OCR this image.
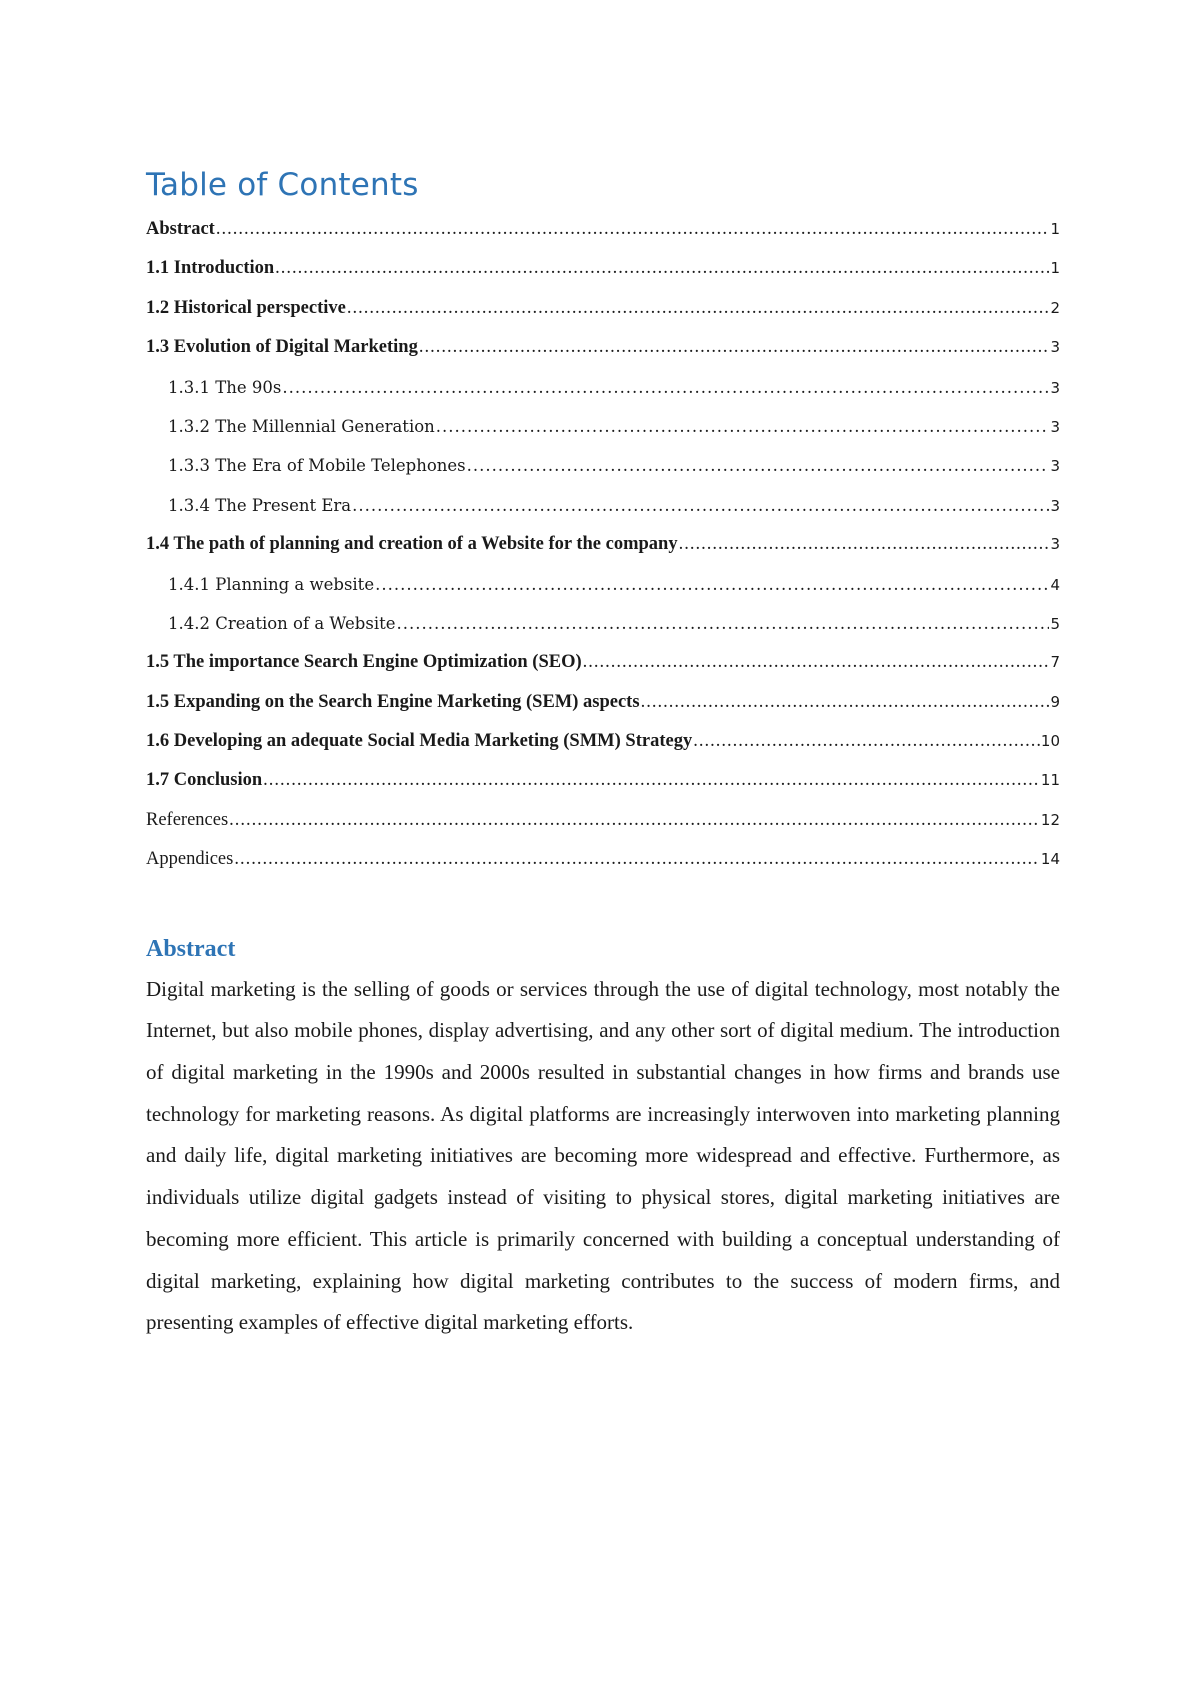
Table of Contents
Abstract .....	1
1.1 Introduction .....	1
1.2 Historical perspective .....	2
1.3 Evolution of Digital Marketing .....	3
1.3.1 The 90s .....	3
1.3.2 The Millennial Generation .....	3
1.3.3 The Era of Mobile Telephones .....	3
1.3.4 The Present Era .....	3
1.4 The path of planning and creation of a Website for the company .....	3
1.4.1 Planning a website .....	4
1.4.2 Creation of a Website .....	5
1.5 The importance Search Engine Optimization (SEO) .....	7
1.5 Expanding on the Search Engine Marketing (SEM) aspects .....	9
1.6 Developing an adequate Social Media Marketing (SMM) Strategy .....	10
1.7 Conclusion .....	11
References .....	12
Appendices .....	14
Abstract

Digital marketing is the selling of goods or services through the use of digital technology, most notably the Internet, but also mobile phones, display advertising, and any other sort of digital medium. The introduction of digital marketing in the 1990s and 2000s resulted in substantial changes in how firms and brands use technology for marketing reasons. As digital platforms are increasingly interwoven into marketing planning and daily life, digital marketing initiatives are becoming more widespread and effective. Furthermore, as individuals utilize digital gadgets instead of visiting to physical stores, digital marketing initiatives are becoming more efficient. This article is primarily concerned with building a conceptual understanding of digital marketing, explaining how digital marketing contributes to the success of modern firms, and presenting examples of effective digital marketing efforts.
